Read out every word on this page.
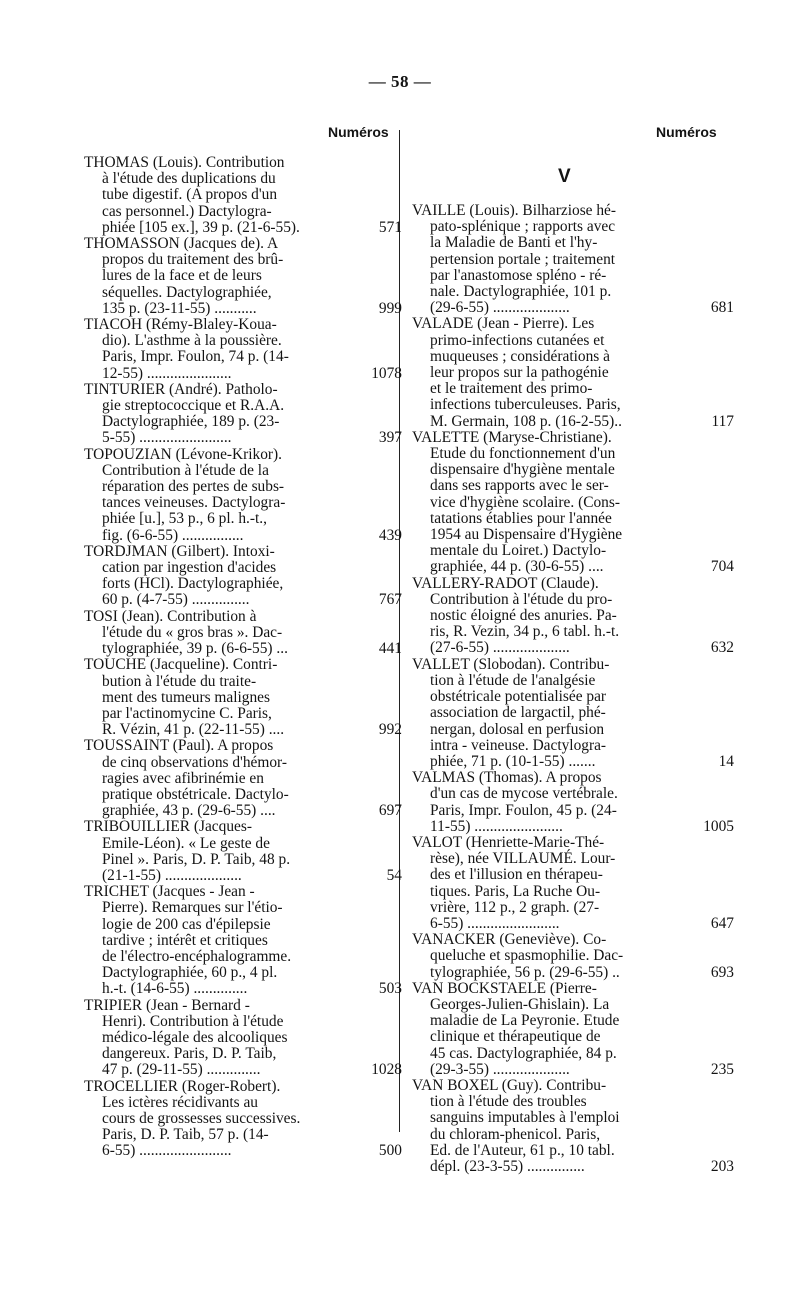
— 58 —
Numéros	Numéros
V
THOMAS (Louis). Contribution
à l'étude des duplications du
tube digestif. (A propos d'un
cas personnel.) Dactylogra-
phiée [105 ex.], 39 p. (21-6-55).	571
THOMASSON (Jacques de). A
propos du traitement des brû-
lures de la face et de leurs
séquelles. Dactylographiée,
135 p. (23-11-55) ...........	999
TIACOH (Rémy-Blaley-Koua-
dio). L'asthme à la poussière.
Paris, Impr. Foulon, 74 p. (14-
12-55) ......................	1078
TINTURIER (André). Patholo-
gie streptococcique et R.A.A.
Dactylographiée, 189 p. (23-
5-55) ........................	397
TOPOUZIAN (Lévone-Krikor).
Contribution à l'étude de la
réparation des pertes de subs-
tances veineuses. Dactylogra-
phiée [u.], 53 p., 6 pl. h.-t.,
fig. (6-6-55) ................	439
TORDJMAN (Gilbert). Intoxi-
cation par ingestion d'acides
forts (HCl). Dactylographiée,
60 p. (4-7-55) ...............	767
TOSI (Jean). Contribution à
l'étude du « gros bras ». Dac-
tylographiée, 39 p. (6-6-55) ...	441
TOUCHE (Jacqueline). Contri-
bution à l'étude du traite-
ment des tumeurs malignes
par l'actinomycine C. Paris,
R. Vézin, 41 p. (22-11-55) ....	992
TOUSSAINT (Paul). A propos
de cinq observations d'hémor-
ragies avec afibrinémie en
pratique obstétricale. Dactylo-
graphiée, 43 p. (29-6-55) ....	697
TRIBOUILLIER (Jacques-
Emile-Léon). « Le geste de
Pinel ». Paris, D. P. Taib, 48 p.
(21-1-55) ....................	54
TRICHET (Jacques - Jean -
Pierre). Remarques sur l'étio-
logie de 200 cas d'épilepsie
tardive ; intérêt et critiques
de l'électro-encéphalogramme.
Dactylographiée, 60 p., 4 pl.
h.-t. (14-6-55) ..............	503
TRIPIER (Jean - Bernard -
Henri). Contribution à l'étude
médico-légale des alcooliques
dangereux. Paris, D. P. Taib,
47 p. (29-11-55) ..............	1028
TROCELLIER (Roger-Robert).
Les ictères récidivants au
cours de grossesses successives.
Paris, D. P. Taib, 57 p. (14-
6-55) ........................	500
VAILLE (Louis). Bilharziose hé-
pato-splénique ; rapports avec
la Maladie de Banti et l'hy-
pertension portale ; traitement
par l'anastomose spléno - ré-
nale. Dactylographiée, 101 p.
(29-6-55) ....................	681
VALADE (Jean - Pierre). Les
primo-infections cutanées et
muqueuses ; considérations à
leur propos sur la pathogénie
et le traitement des primo-
infections tuberculeuses. Paris,
M. Germain, 108 p. (16-2-55)..	117
VALETTE (Maryse-Christiane).
Etude du fonctionnement d'un
dispensaire d'hygiène mentale
dans ses rapports avec le ser-
vice d'hygiène scolaire. (Cons-
tatations établies pour l'année
1954 au Dispensaire d'Hygiène
mentale du Loiret.) Dactylo-
graphiée, 44 p. (30-6-55) ....	704
VALLERY-RADOT (Claude).
Contribution à l'étude du pro-
nostic éloigné des anuries. Pa-
ris, R. Vezin, 34 p., 6 tabl. h.-t.
(27-6-55) ....................	632
VALLET (Slobodan). Contribu-
tion à l'étude de l'analgésie
obstétricale potentialisée par
association de largactil, phé-
nergan, dolosal en perfusion
intra - veineuse. Dactylogra-
phiée, 71 p. (10-1-55) .......	14
VALMAS (Thomas). A propos
d'un cas de mycose vertébrale.
Paris, Impr. Foulon, 45 p. (24-
11-55) .......................	1005
VALOT (Henriette-Marie-Thé-
rèse), née VILLAUMÉ. Lour-
des et l'illusion en thérapeu-
tiques. Paris, La Ruche Ou-
vrière, 112 p., 2 graph. (27-
6-55) ........................	647
VANACKER (Geneviève). Co-
queluche et spasmophilie. Dac-
tylographiée, 56 p. (29-6-55) ..	693
VAN BOCKSTAELE (Pierre-
Georges-Julien-Ghislain). La
maladie de La Peyronie. Etude
clinique et thérapeutique de
45 cas. Dactylographiée, 84 p.
(29-3-55) ....................	235
VAN BOXEL (Guy). Contribu-
tion à l'étude des troubles
sanguins imputables à l'emploi
du chloram-phenicol. Paris,
Ed. de l'Auteur, 61 p., 10 tabl.
dépl. (23-3-55) ...............	203
